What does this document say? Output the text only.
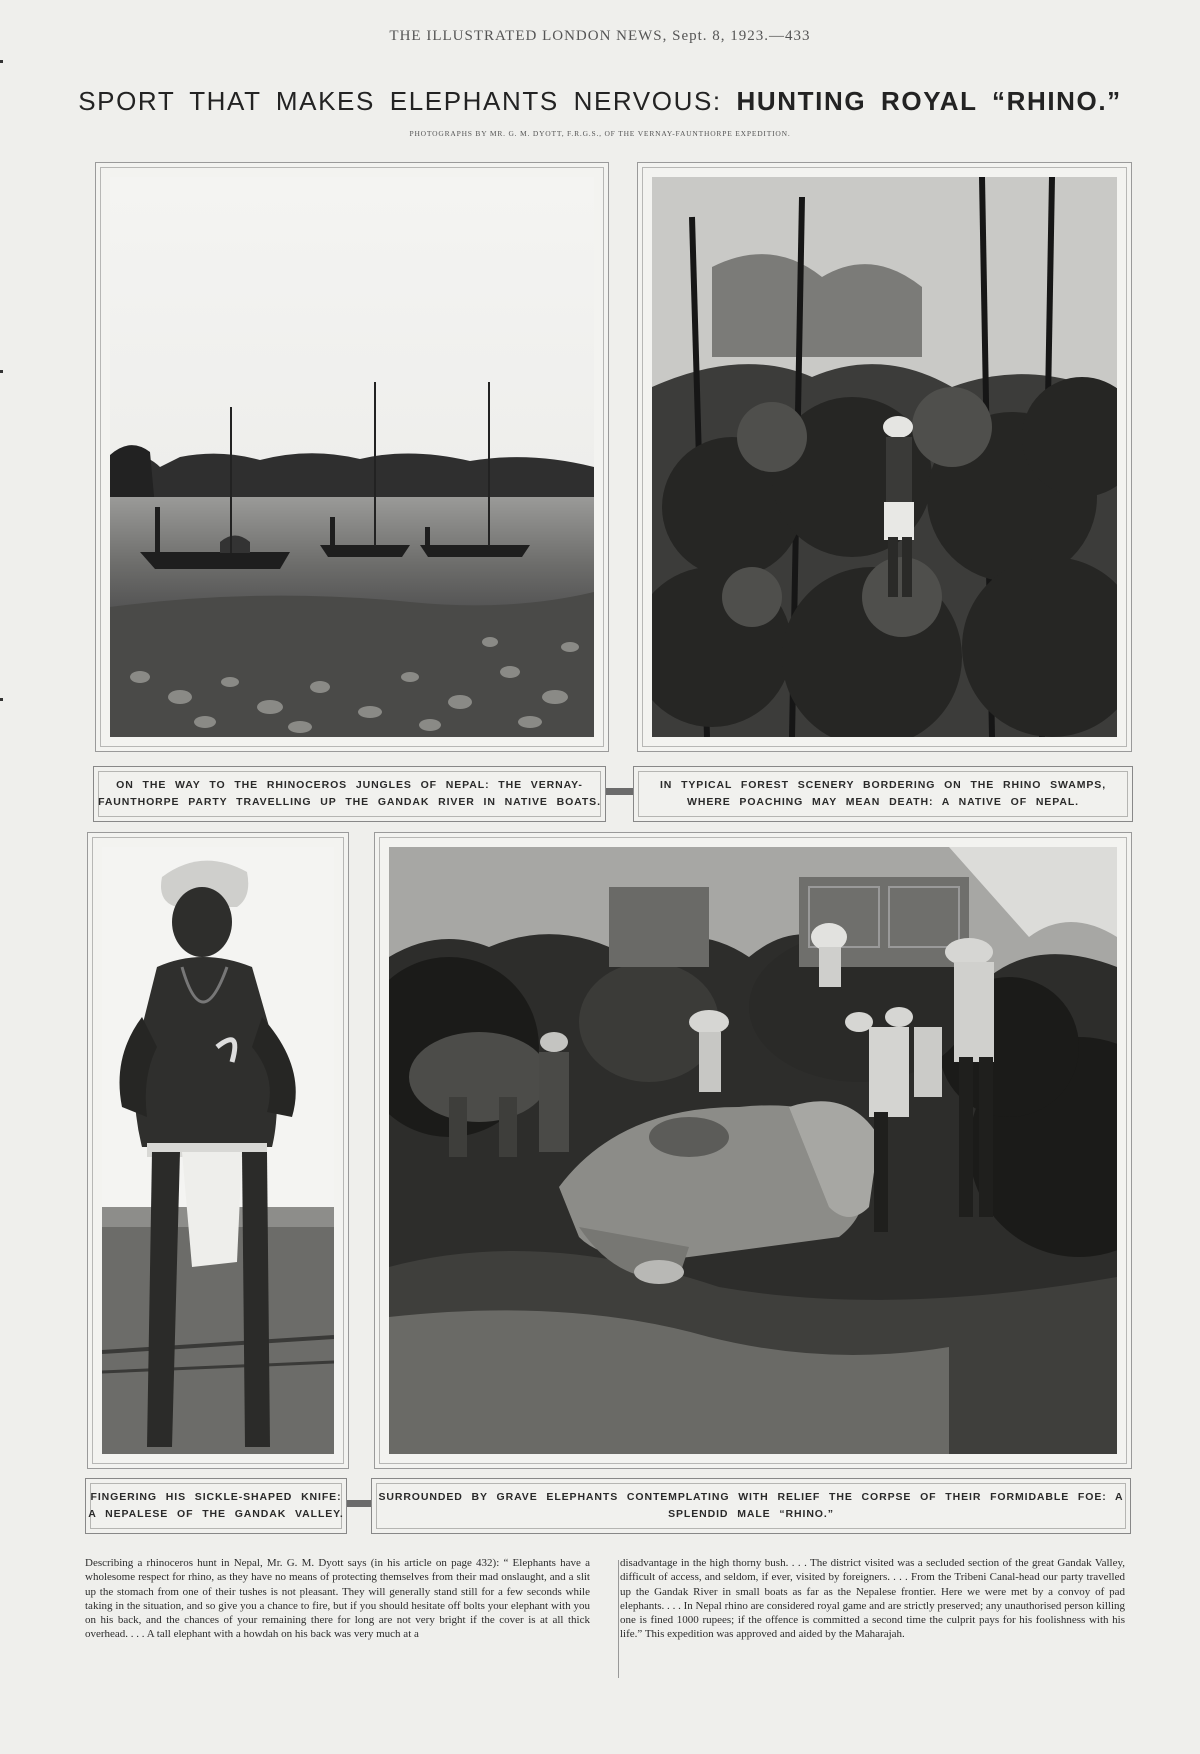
THE ILLUSTRATED LONDON NEWS, Sept. 8, 1923.—433
SPORT THAT MAKES ELEPHANTS NERVOUS: HUNTING ROYAL “RHINO.”
PHOTOGRAPHS BY MR. G. M. DYOTT, F.R.G.S., OF THE VERNAY-FAUNTHORPE EXPEDITION.
ON THE WAY TO THE RHINOCEROS JUNGLES OF NEPAL: THE VERNAY-FAUNTHORPE PARTY TRAVELLING UP THE GANDAK RIVER IN NATIVE BOATS.
IN TYPICAL FOREST SCENERY BORDERING ON THE RHINO SWAMPS, WHERE POACHING MAY MEAN DEATH: A NATIVE OF NEPAL.
FINGERING HIS SICKLE-SHAPED KNIFE: A NEPALESE OF THE GANDAK VALLEY.
SURROUNDED BY GRAVE ELEPHANTS CONTEMPLATING WITH RELIEF THE CORPSE OF THEIR FORMIDABLE FOE: A SPLENDID MALE “RHINO.”
Describing a rhinoceros hunt in Nepal, Mr. G. M. Dyott says (in his article on page 432): “ Elephants have a wholesome respect for rhino, as they have no means of protecting themselves from their mad onslaught, and a slit up the stomach from one of their tushes is not pleasant. They will generally stand still for a few seconds while taking in the situation, and so give you a chance to fire, but if you should hesitate off bolts your elephant with you on his back, and the chances of your remaining there for long are not very bright if the cover is at all thick overhead. . . . A tall elephant with a howdah on his back was very much at a
disadvantage in the high thorny bush. . . . The district visited was a secluded section of the great Gandak Valley, difficult of access, and seldom, if ever, visited by foreigners. . . . From the Tribeni Canal-head our party travelled up the Gandak River in small boats as far as the Nepalese frontier. Here we were met by a convoy of pad elephants. . . . In Nepal rhino are considered royal game and are strictly preserved; any unauthorised person killing one is fined 1000 rupees; if the offence is committed a second time the culprit pays for his foolishness with his life.” This expedition was approved and aided by the Maharajah.
